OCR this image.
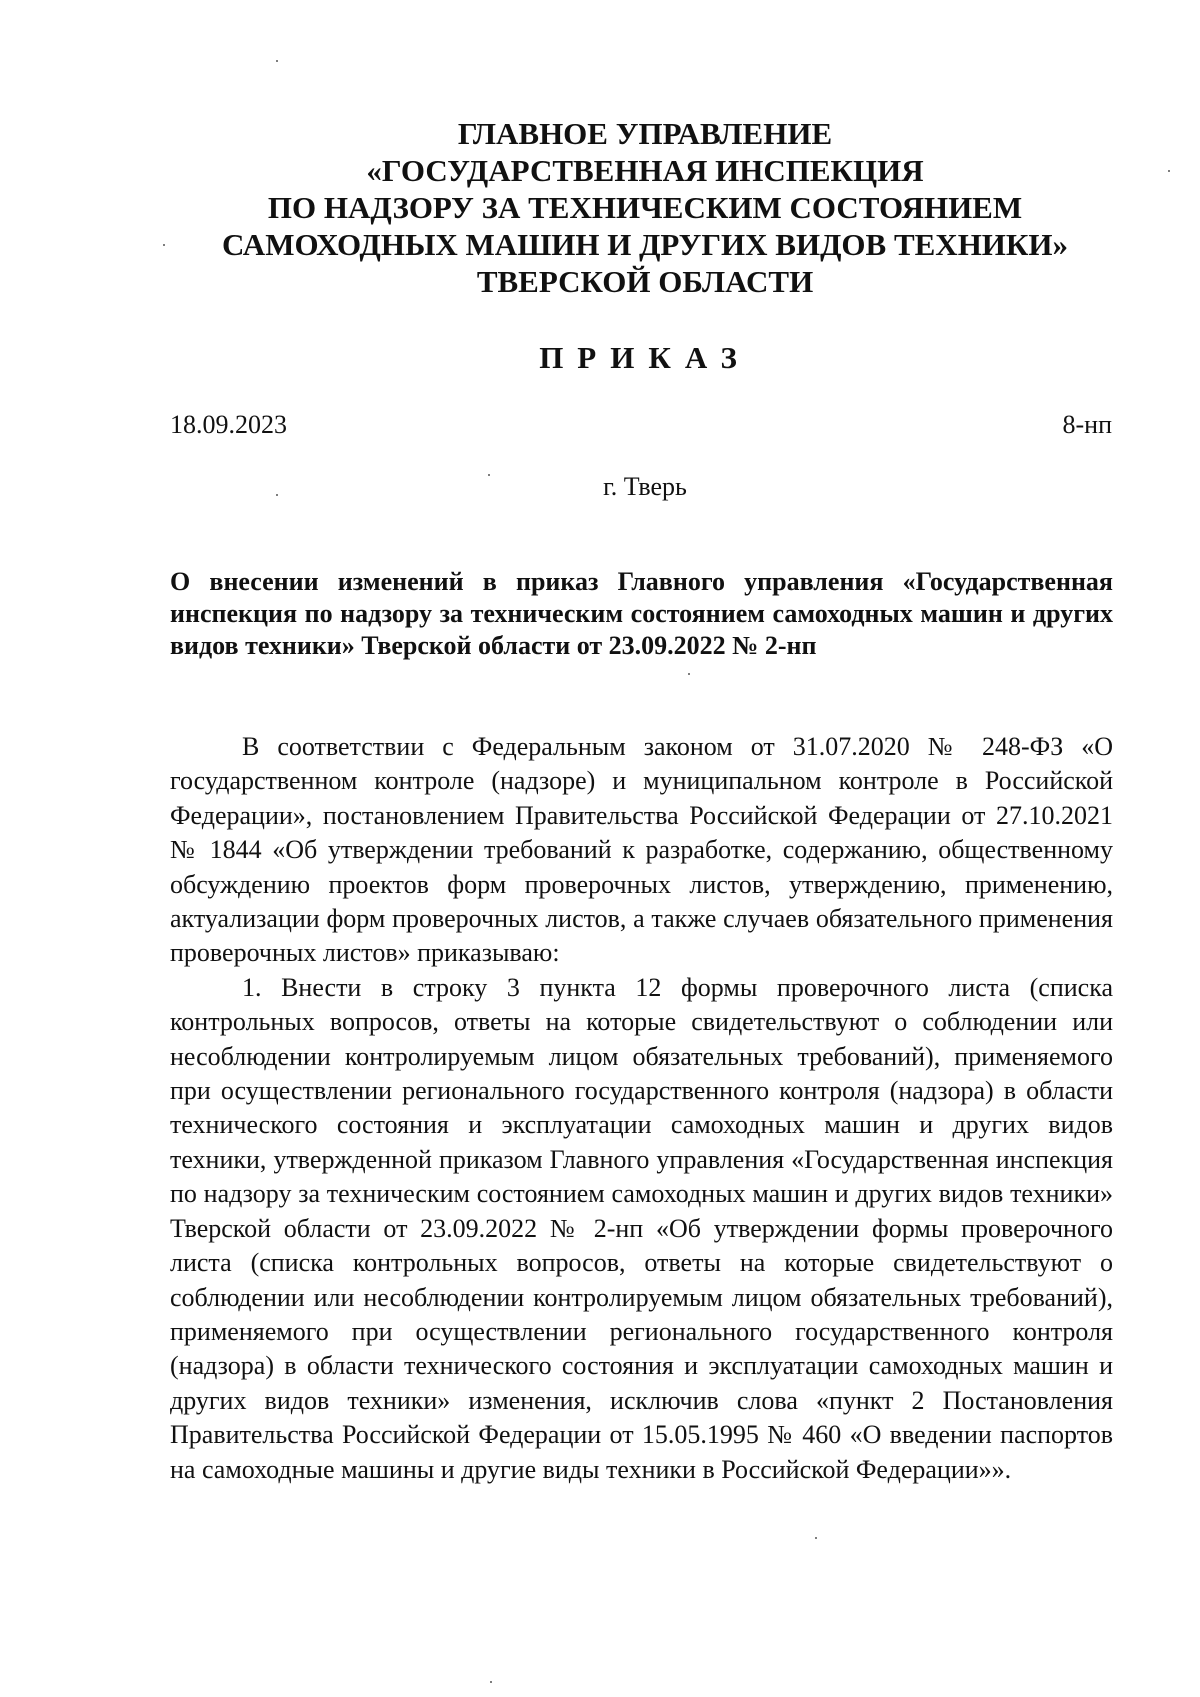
ГЛАВНОЕ УПРАВЛЕНИЕ
«ГОСУДАРСТВЕННАЯ ИНСПЕКЦИЯ
ПО НАДЗОРУ ЗА ТЕХНИЧЕСКИМ СОСТОЯНИЕМ
САМОХОДНЫХ МАШИН И ДРУГИХ ВИДОВ ТЕХНИКИ»
ТВЕРСКОЙ ОБЛАСТИ
ПРИКАЗ
18.09.2023	8-нп
г. Тверь
О внесении изменений в приказ Главного управления «Государственная инспекция по надзору за техническим состоянием самоходных машин и других видов техники» Тверской области от 23.09.2022 № 2-нп

В соответствии с Федеральным законом от 31.07.2020 № 248-ФЗ «О государственном контроле (надзоре) и муниципальном контроле в Российской Федерации», постановлением Правительства Российской Федерации от 27.10.2021 № 1844 «Об утверждении требований к разработке, содержанию, общественному обсуждению проектов форм проверочных листов, утверждению, применению, актуализации форм проверочных листов, а также случаев обязательного применения проверочных листов» приказываю:

1. Внести в строку 3 пункта 12 формы проверочного листа (списка контрольных вопросов, ответы на которые свидетельствуют о соблюдении или несоблюдении контролируемым лицом обязательных требований), применяемого при осуществлении регионального государственного контроля (надзора) в области технического состояния и эксплуатации самоходных машин и других видов техники, утвержденной приказом Главного управления «Государственная инспекция по надзору за техническим состоянием самоходных машин и других видов техники» Тверской области от 23.09.2022 № 2-нп «Об утверждении формы проверочного листа (списка контрольных вопросов, ответы на которые свидетельствуют о соблюдении или несоблюдении контролируемым лицом обязательных требований), применяемого при осуществлении регионального государственного контроля (надзора) в области технического состояния и эксплуатации самоходных машин и других видов техники» изменения, исключив слова «пункт 2 Постановления Правительства Российской Федерации от 15.05.1995 № 460 «О введении паспортов на самоходные машины и другие виды техники в Российской Федерации»».
